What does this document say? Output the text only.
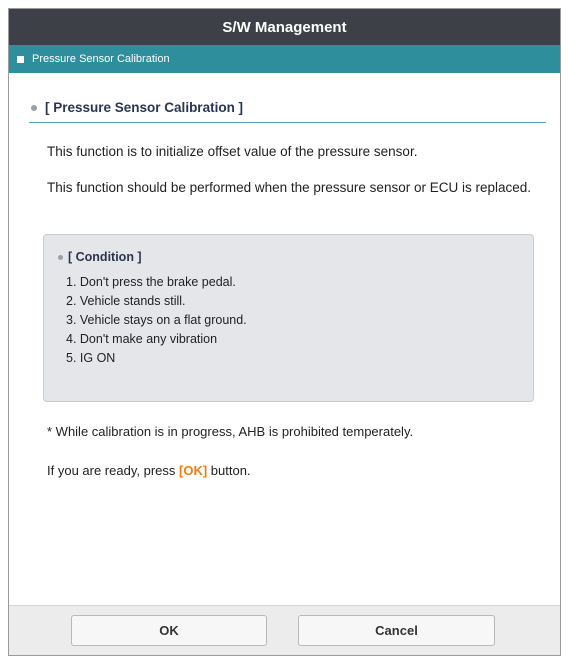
S/W Management
Pressure Sensor Calibration
[ Pressure Sensor Calibration ]

This function is to initialize offset value of the pressure sensor.

This function should be performed when the pressure sensor or ECU is replaced.

[ Condition ]
1. Don't press the brake pedal.
2. Vehicle stands still.
3. Vehicle stays on a flat ground.
4. Don't make any vibration
5. IG ON

* While calibration is in progress, AHB is prohibited temperately.

If you are ready, press [OK] button.

OK	Cancel
